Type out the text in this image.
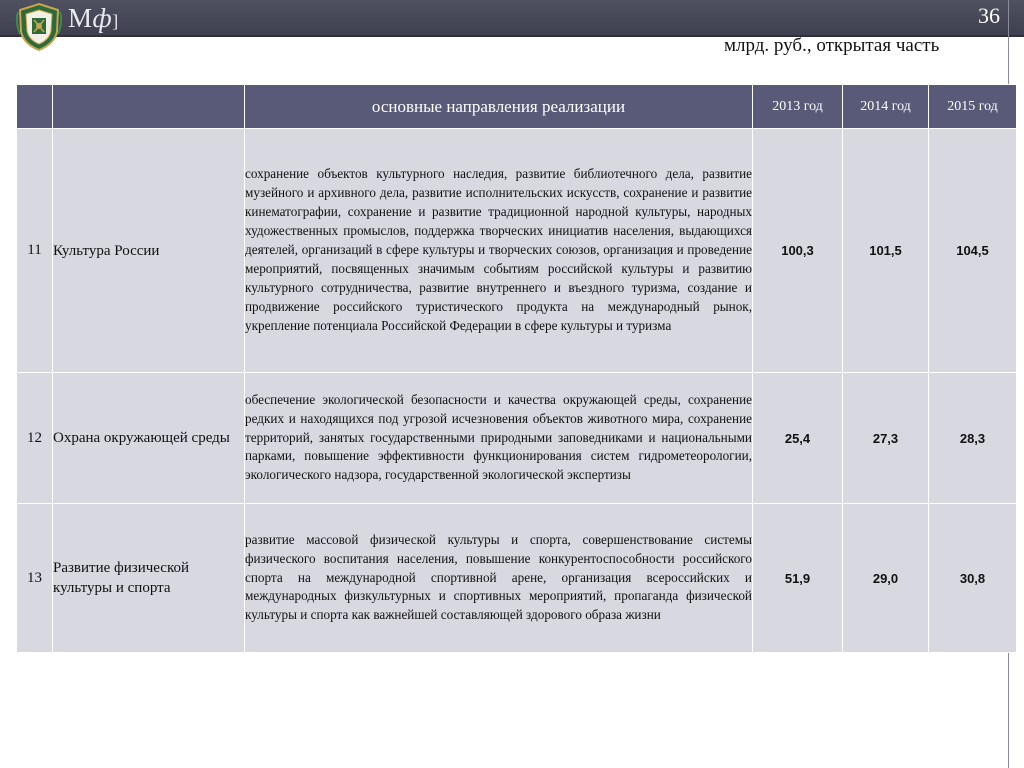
Мф]	36
млрд. руб., открытая часть
		основные направления реализации	2013 год	2014 год	2015 год
11	Культура России	сохранение объектов культурного наследия, развитие библиотечного дела, развитие музейного и архивного дела, развитие исполнительских искусств, сохранение и развитие кинематографии, сохранение и развитие традиционной народной культуры, народных художественных промыслов, поддержка творческих инициатив населения, выдающихся деятелей, организаций в сфере культуры и творческих союзов, организация и проведение мероприятий, посвященных значимым событиям российской культуры и развитию культурного сотрудничества, развитие внутреннего и въездного туризма, создание и продвижение российского туристического продукта на международный рынок, укрепление потенциала Российской Федерации в сфере культуры и туризма	100,3	101,5	104,5
12	Охрана окружающей среды	обеспечение экологической безопасности и качества окружающей среды, сохранение редких и находящихся под угрозой исчезновения объектов животного мира, сохранение территорий, занятых государственными природными заповедниками и национальными парками, повышение эффективности функционирования систем гидрометеорологии, экологического надзора, государственной экологической экспертизы	25,4	27,3	28,3
13	Развитие физической культуры и спорта	развитие массовой физической культуры и спорта, совершенствование системы физического воспитания населения, повышение конкурентоспособности российского спорта на международной спортивной арене, организация всероссийских и международных физкультурных и спортивных мероприятий, пропаганда физической культуры и спорта как важнейшей составляющей здорового образа жизни	51,9	29,0	30,8
